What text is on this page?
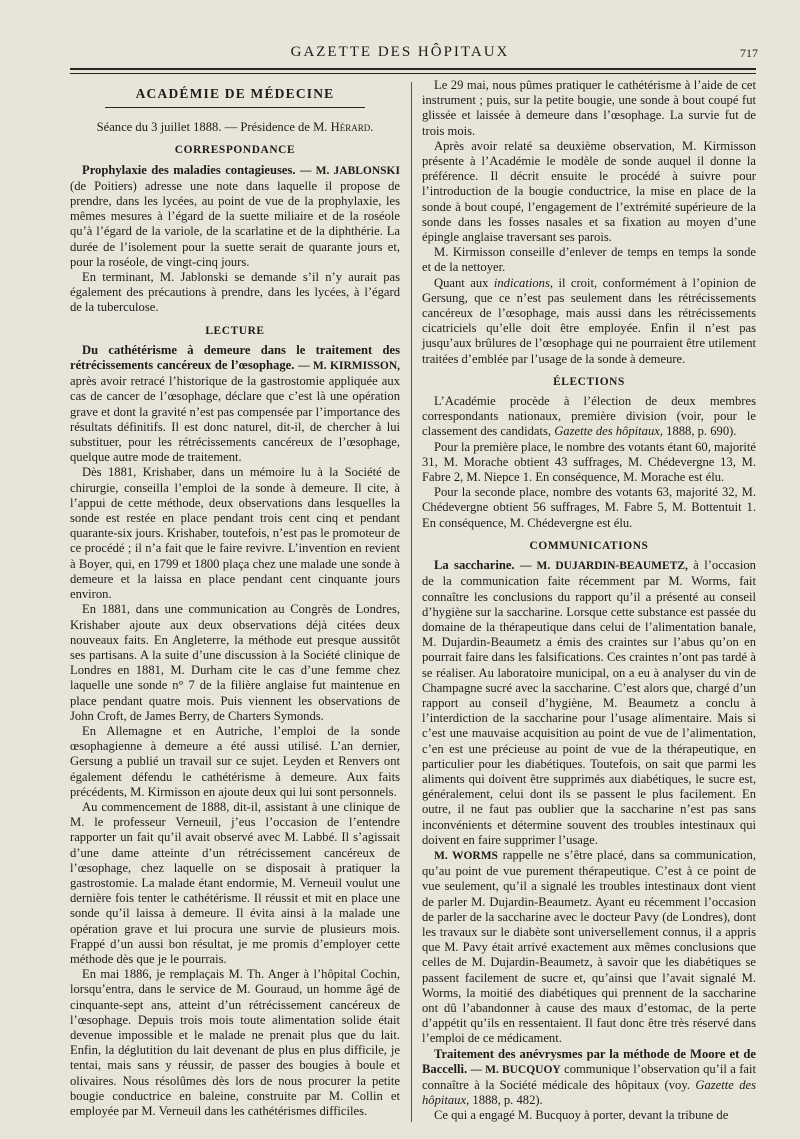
GAZETTE DES HÔPITAUX	717
ACADÉMIE DE MÉDECINE
Séance du 3 juillet 1888. — Présidence de M. Hérard.
CORRESPONDANCE

Prophylaxie des maladies contagieuses. — M. JABLONSKI (de Poitiers) adresse une note dans laquelle il propose de prendre, dans les lycées, au point de vue de la prophylaxie, les mêmes mesures à l’égard de la suette miliaire et de la roséole qu’à l’égard de la variole, de la scarlatine et de la diphthérie. La durée de l’isolement pour la suette serait de quarante jours et, pour la roséole, de vingt-cinq jours.

En terminant, M. Jablonski se demande s’il n’y aurait pas également des précautions à prendre, dans les lycées, à l’égard de la tuberculose.

LECTURE

Du cathétérisme à demeure dans le traitement des rétrécissements cancéreux de l’œsophage. — M. KIRMISSON, après avoir retracé l’historique de la gastrostomie appliquée aux cas de cancer de l’œsophage, déclare que c’est là une opération grave et dont la gravité n’est pas compensée par l’importance des résultats définitifs. Il est donc naturel, dit-il, de chercher à lui substituer, pour les rétrécissements cancéreux de l’œsophage, quelque autre mode de traitement.

Dès 1881, Krishaber, dans un mémoire lu à la Société de chirurgie, conseilla l’emploi de la sonde à demeure. Il cite, à l’appui de cette méthode, deux observations dans lesquelles la sonde est restée en place pendant trois cent cinq et pendant quarante-six jours. Krishaber, toutefois, n’est pas le promoteur de ce procédé ; il n’a fait que le faire revivre. L’invention en revient à Boyer, qui, en 1799 et 1800 plaça chez une malade une sonde à demeure et la laissa en place pendant cent cinquante jours environ.

En 1881, dans une communication au Congrès de Londres, Krishaber ajoute aux deux observations déjà citées deux nouveaux faits. En Angleterre, la méthode eut presque aussitôt ses partisans. A la suite d’une discussion à la Société clinique de Londres en 1881, M. Durham cite le cas d’une femme chez laquelle une sonde n° 7 de la filière anglaise fut maintenue en place pendant quatre mois. Puis viennent les observations de John Croft, de James Berry, de Charters Symonds.

En Allemagne et en Autriche, l’emploi de la sonde œsophagienne à demeure a été aussi utilisé. L’an dernier, Gersung a publié un travail sur ce sujet. Leyden et Renvers ont également défendu le cathétérisme à demeure. Aux faits précédents, M. Kirmisson en ajoute deux qui lui sont personnels.

Au commencement de 1888, dit-il, assistant à une clinique de M. le professeur Verneuil, j’eus l’occasion de l’entendre rapporter un fait qu’il avait observé avec M. Labbé. Il s’agissait d’une dame atteinte d’un rétrécissement cancéreux de l’œsophage, chez laquelle on se disposait à pratiquer la gastrostomie. La malade étant endormie, M. Verneuil voulut une dernière fois tenter le cathétérisme. Il réussit et mit en place une sonde qu’il laissa à demeure. Il évita ainsi à la malade une opération grave et lui procura une survie de plusieurs mois. Frappé d’un aussi bon résultat, je me promis d’employer cette méthode dès que je le pourrais.

En mai 1886, je remplaçais M. Th. Anger à l’hôpital Cochin, lorsqu’entra, dans le service de M. Gouraud, un homme âgé de cinquante-sept ans, atteint d’un rétrécissement cancéreux de l’œsophage. Depuis trois mois toute alimentation solide était devenue impossible et le malade ne prenait plus que du lait. Enfin, la déglutition du lait devenant de plus en plus difficile, je tentai, mais sans y réussir, de passer des bougies à boule et olivaires. Nous résolûmes dès lors de nous procurer la petite bougie conductrice en baleine, construite par M. Collin et employée par M. Verneuil dans les cathétérismes difficiles.

Le 29 mai, nous pûmes pratiquer le cathétérisme à l’aide de cet instrument ; puis, sur la petite bougie, une sonde à bout coupé fut glissée et laissée à demeure dans l’œsophage. La survie fut de trois mois.

Après avoir relaté sa deuxième observation, M. Kirmisson présente à l’Académie le modèle de sonde auquel il donne la préférence. Il décrit ensuite le procédé à suivre pour l’introduction de la bougie conductrice, la mise en place de la sonde à bout coupé, l’engagement de l’extrémité supérieure de la sonde dans les fosses nasales et sa fixation au moyen d’une épingle anglaise traversant ses parois.

M. Kirmisson conseille d’enlever de temps en temps la sonde et de la nettoyer.

Quant aux indications, il croit, conformément à l’opinion de Gersung, que ce n’est pas seulement dans les rétrécissements cancéreux de l’œsophage, mais aussi dans les rétrécissements cicatriciels qu’elle doit être employée. Enfin il n’est pas jusqu’aux brûlures de l’œsophage qui ne pourraient être utilement traitées d’emblée par l’usage de la sonde à demeure.

ÉLECTIONS

L’Académie procède à l’élection de deux membres correspondants nationaux, première division (voir, pour le classement des candidats, Gazette des hôpitaux, 1888, p. 690).

Pour la première place, le nombre des votants étant 60, majorité 31, M. Morache obtient 43 suffrages, M. Chédevergne 13, M. Fabre 2, M. Niepce 1. En conséquence, M. Morache est élu.

Pour la seconde place, nombre des votants 63, majorité 32, M. Chédevergne obtient 56 suffrages, M. Fabre 5, M. Bottentuit 1. En conséquence, M. Chédevergne est élu.

COMMUNICATIONS

La saccharine. — M. DUJARDIN-BEAUMETZ, à l’occasion de la communication faite récemment par M. Worms, fait connaître les conclusions du rapport qu’il a présenté au conseil d’hygiène sur la saccharine. Lorsque cette substance est passée du domaine de la thérapeutique dans celui de l’alimentation banale, M. Dujardin-Beaumetz a émis des craintes sur l’abus qu’on en pourrait faire dans les falsifications. Ces craintes n’ont pas tardé à se réaliser. Au laboratoire municipal, on a eu à analyser du vin de Champagne sucré avec la saccharine. C’est alors que, chargé d’un rapport au conseil d’hygiène, M. Beaumetz a conclu à l’interdiction de la saccharine pour l’usage alimentaire. Mais si c’est une mauvaise acquisition au point de vue de l’alimentation, c’en est une précieuse au point de vue de la thérapeutique, en particulier pour les diabétiques. Toutefois, on sait que parmi les aliments qui doivent être supprimés aux diabétiques, le sucre est, généralement, celui dont ils se passent le plus facilement. En outre, il ne faut pas oublier que la saccharine n’est pas sans inconvénients et détermine souvent des troubles intestinaux qui doivent en faire supprimer l’usage.

M. WORMS rappelle ne s’être placé, dans sa communication, qu’au point de vue purement thérapeutique. C’est à ce point de vue seulement, qu’il a signalé les troubles intestinaux dont vient de parler M. Dujardin-Beaumetz. Ayant eu récemment l’occasion de parler de la saccharine avec le docteur Pavy (de Londres), dont les travaux sur le diabète sont universellement connus, il a appris que M. Pavy était arrivé exactement aux mêmes conclusions que celles de M. Dujardin-Beaumetz, à savoir que les diabétiques se passent facilement de sucre et, qu’ainsi que l’avait signalé M. Worms, la moitié des diabétiques qui prennent de la saccharine ont dû l’abandonner à cause des maux d’estomac, de la perte d’appétit qu’ils en ressentaient. Il faut donc être très réservé dans l’emploi de ce médicament.

Traitement des anévrysmes par la méthode de Moore et de Baccelli. — M. BUCQUOY communique l’observation qu’il a fait connaître à la Société médicale des hôpitaux (voy. Gazette des hôpitaux, 1888, p. 482).

Ce qui a engagé M. Bucquoy à porter, devant la tribune de
